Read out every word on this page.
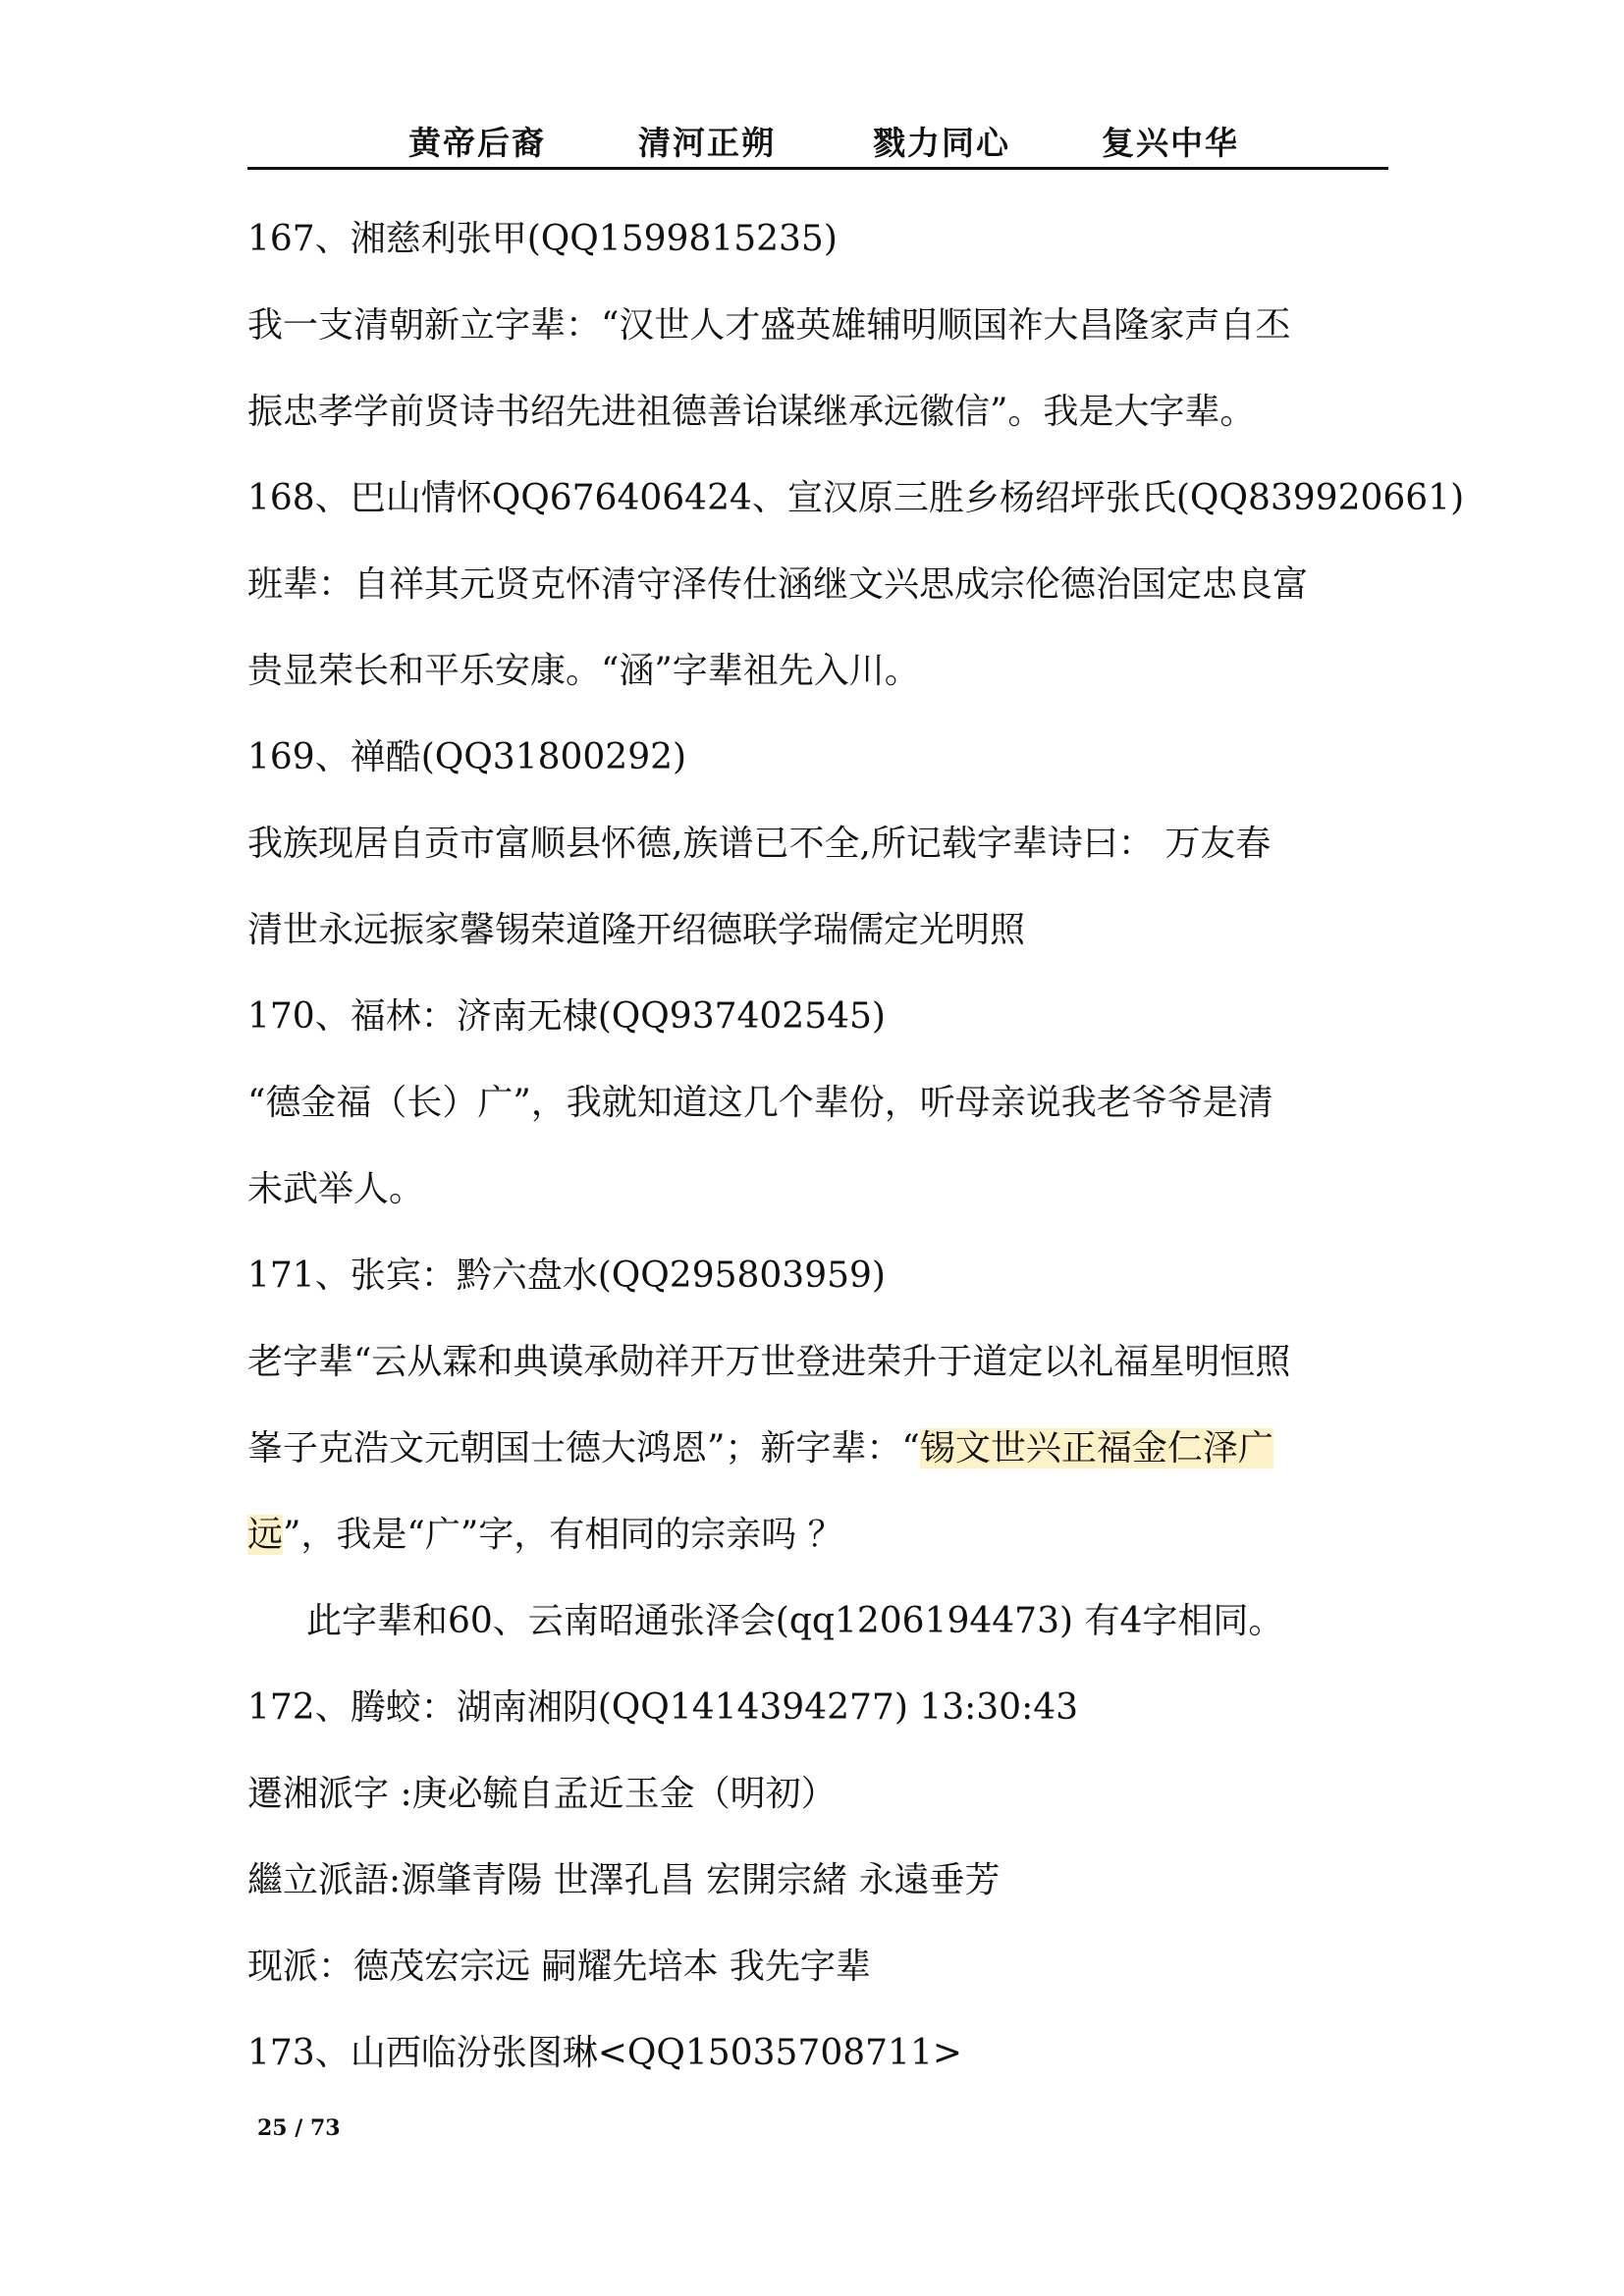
黄帝后裔	清河正朔	戮力同心	复兴中华
167、湘慈利张甲(QQ1599815235)
我一支清朝新立字辈：“汉世人才盛英雄辅明顺国祚大昌隆家声自丕
振忠孝学前贤诗书绍先进祖德善诒谋继承远徽信”。我是大字辈。
168、巴山情怀QQ676406424、宣汉原三胜乡杨绍坪张氏(QQ839920661)
班辈：自祥其元贤克怀清守泽传仕涵继文兴思成宗伦德治国定忠良富
贵显荣长和平乐安康。“涵”字辈祖先入川。
169、禅酷(QQ31800292)
我族现居自贡市富顺县怀德,族谱已不全,所记载字辈诗曰： 万友春
清世永远振家馨锡荣道隆开绍德联学瑞儒定光明照
170、福林：济南无棣(QQ937402545)
“德金福（长）广”，我就知道这几个辈份，听母亲说我老爷爷是清
未武举人。
171、张宾：黔六盘水(QQ295803959)
老字辈“云从霖和典谟承勋祥开万世登进荣升于道定以礼福星明恒照
峯子克浩文元朝国士德大鸿恩”；新字辈：“锡文世兴正福金仁泽广
远”，我是“广”字，有相同的宗亲吗 ？
此字辈和60、云南昭通张泽会(qq1206194473) 有4字相同。
172、腾蛟：湖南湘阴(QQ1414394277) 13:30:43
遷湘派字 :庚必毓自孟近玉金（明初）
繼立派語:源肇青陽 世澤孔昌 宏開宗緒 永遠垂芳
现派：德茂宏宗远 嗣耀先培本 我先字辈
173、山西临汾张图琳<QQ15035708711>
25 / 73
